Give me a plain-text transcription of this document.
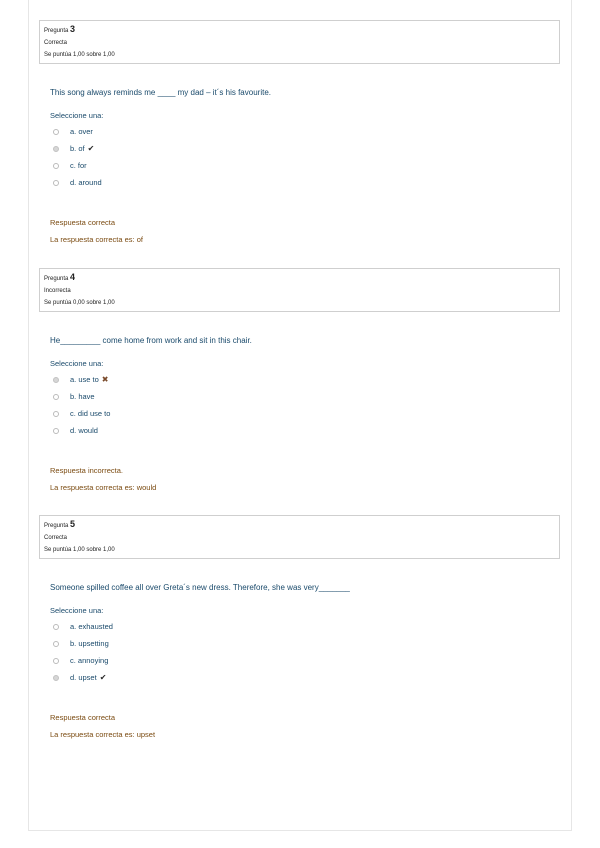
Pregunta 3
Correcta
Se puntúa 1,00 sobre 1,00
This song always reminds me ____ my dad – it´s his favourite.
Seleccione una:
a. over
b. of ✔
c. for
d. around
Respuesta correcta
La respuesta correcta es: of
Pregunta 4
Incorrecta
Se puntúa 0,00 sobre 1,00
He_________ come home from work and sit in this chair.
Seleccione una:
a. use to ✖
b. have
c. did use to
d. would
Respuesta incorrecta.
La respuesta correcta es: would
Pregunta 5
Correcta
Se puntúa 1,00 sobre 1,00
Someone spilled coffee all over Greta´s new dress. Therefore, she was very_______
Seleccione una:
a. exhausted
b. upsetting
c. annoying
d. upset ✔
Respuesta correcta
La respuesta correcta es: upset
